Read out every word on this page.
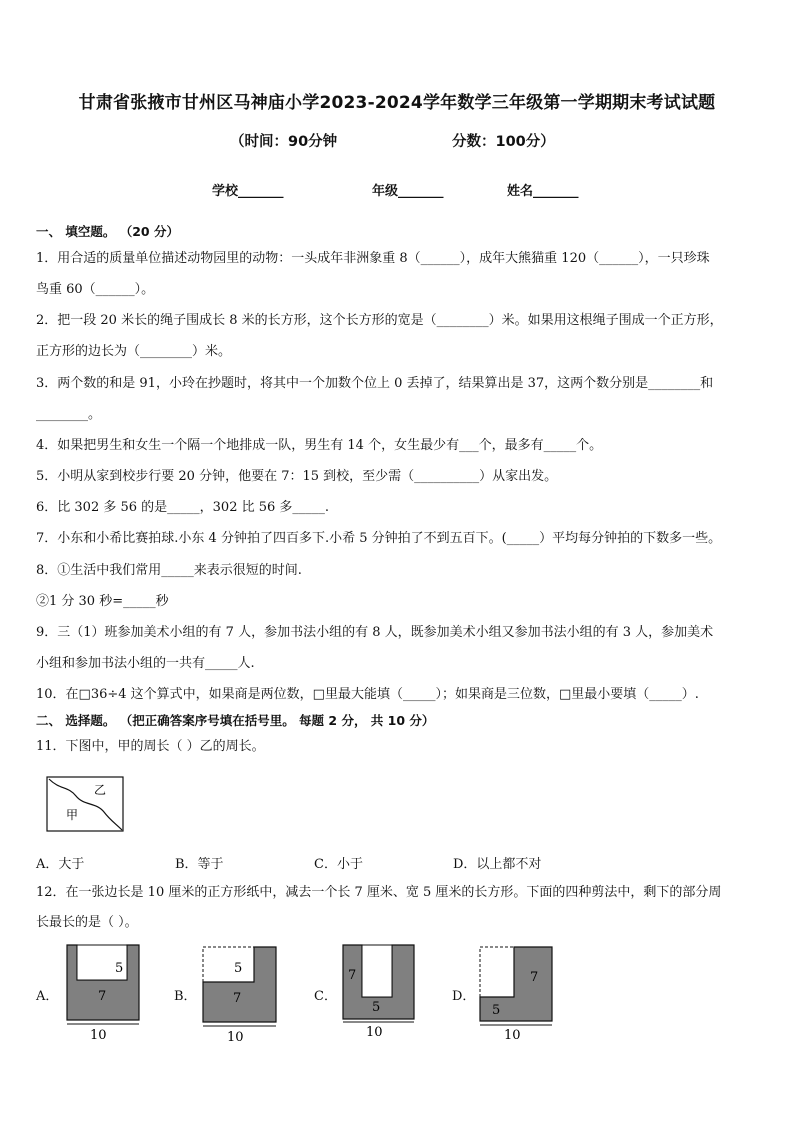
甘肃省张掖市甘州区马神庙小学2023-2024学年数学三年级第一学期期末考试试题
（时间：90分钟	分数：100分）
学校_______	年级_______	姓名_______
一、 填空题。 （20 分）
1．用合适的质量单位描述动物园里的动物：一头成年非洲象重 8（______），成年大熊猫重 120（______），一只珍珠
鸟重 60（______）。
2．把一段 20 米长的绳子围成长 8 米的长方形，这个长方形的宽是（________）米。如果用这根绳子围成一个正方形，
正方形的边长为（________）米。
3．两个数的和是 91，小玲在抄题时，将其中一个加数个位上 0 丢掉了，结果算出是 37，这两个数分别是________和
________。
4．如果把男生和女生一个隔一个地排成一队，男生有 14 个，女生最少有___个，最多有_____个。
5．小明从家到校步行要 20 分钟，他要在 7：15 到校，至少需（__________）从家出发。
6．比 302 多 56 的是_____，302 比 56 多_____.
7．小东和小希比赛拍球.小东 4 分钟拍了四百多下.小希 5 分钟拍了不到五百下。(_____）平均每分钟拍的下数多一些。
8．①生活中我们常用_____来表示很短的时间.
②1 分 30 秒=_____秒
9．三（1）班参加美术小组的有 7 人，参加书法小组的有 8 人，既参加美术小组又参加书法小组的有 3 人，参加美术
小组和参加书法小组的一共有_____人.
10．在□36÷4 这个算式中，如果商是两位数，□里最大能填（_____）；如果商是三位数，□里最小要填（_____）.
二、 选择题。 （把正确答案序号填在括号里。 每题 2 分， 共 10 分）
11．下图中，甲的周长（ ）乙的周长。
甲
乙
A．大于	B．等于	C．小于	D．以上都不对
12．在一张边长是 10 厘米的正方形纸中，减去一个长 7 厘米、宽 5 厘米的长方形。下面的四种剪法中，剩下的部分周
长最长的是（ ）。
A．	B．	C．	D．
5
7
10
5
7
10
7
5
10
7
5
10
